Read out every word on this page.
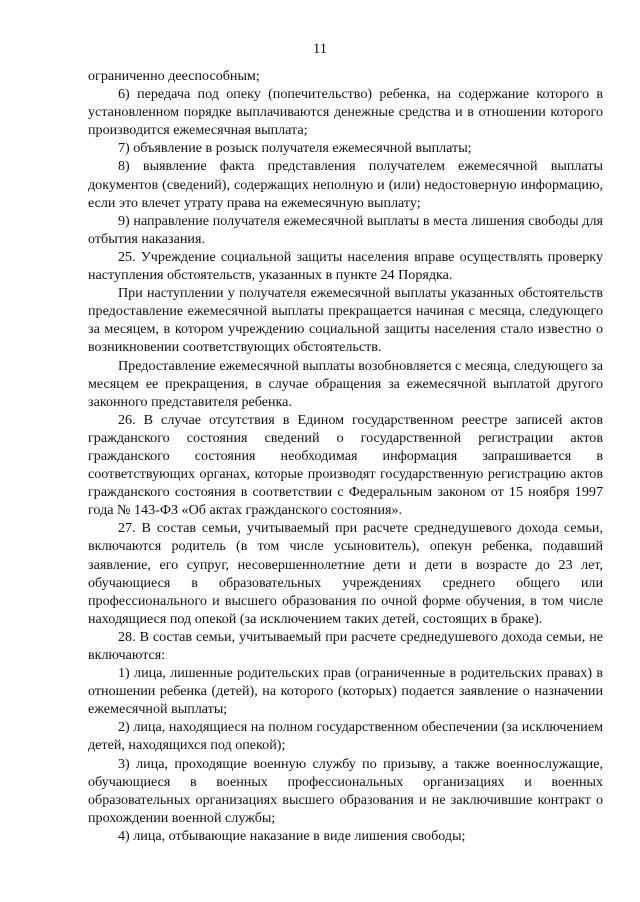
11

ограниченно дееспособным;

6) передача под опеку (попечительство) ребенка, на содержание которого в установленном порядке выплачиваются денежные средства и в отношении которого производится ежемесячная выплата;

7) объявление в розыск получателя ежемесячной выплаты;

8) выявление факта представления получателем ежемесячной выплаты документов (сведений), содержащих неполную и (или) недостоверную информацию, если это влечет утрату права на ежемесячную выплату;

9) направление получателя ежемесячной выплаты в места лишения свободы для отбытия наказания.

25. Учреждение социальной защиты населения вправе осуществлять проверку наступления обстоятельств, указанных в пункте 24 Порядка.

При наступлении у получателя ежемесячной выплаты указанных обстоятельств предоставление ежемесячной выплаты прекращается начиная с месяца, следующего за месяцем, в котором учреждению социальной защиты населения стало известно о возникновении соответствующих обстоятельств.

Предоставление ежемесячной выплаты возобновляется с месяца, следующего за месяцем ее прекращения, в случае обращения за ежемесячной выплатой другого законного представителя ребенка.

26. В случае отсутствия в Едином государственном реестре записей актов гражданского состояния сведений о государственной регистрации актов гражданского состояния необходимая информация запрашивается в соответствующих органах, которые производят государственную регистрацию актов гражданского состояния в соответствии с Федеральным законом от 15 ноября 1997 года № 143-ФЗ «Об актах гражданского состояния».

27. В состав семьи, учитываемый при расчете среднедушевого дохода семьи, включаются родитель (в том числе усыновитель), опекун ребенка, подавший заявление, его супруг, несовершеннолетние дети и дети в возрасте до 23 лет, обучающиеся в образовательных учреждениях среднего общего или профессионального и высшего образования по очной форме обучения, в том числе находящиеся под опекой (за исключением таких детей, состоящих в браке).

28. В состав семьи, учитываемый при расчете среднедушевого дохода семьи, не включаются:

1) лица, лишенные родительских прав (ограниченные в родительских правах) в отношении ребенка (детей), на которого (которых) подается заявление о назначении ежемесячной выплаты;

2) лица, находящиеся на полном государственном обеспечении (за исключением детей, находящихся под опекой);

3) лица, проходящие военную службу по призыву, а также военнослужащие, обучающиеся в военных профессиональных организациях и военных образовательных организациях высшего образования и не заключившие контракт о прохождении военной службы;

4) лица, отбывающие наказание в виде лишения свободы;
